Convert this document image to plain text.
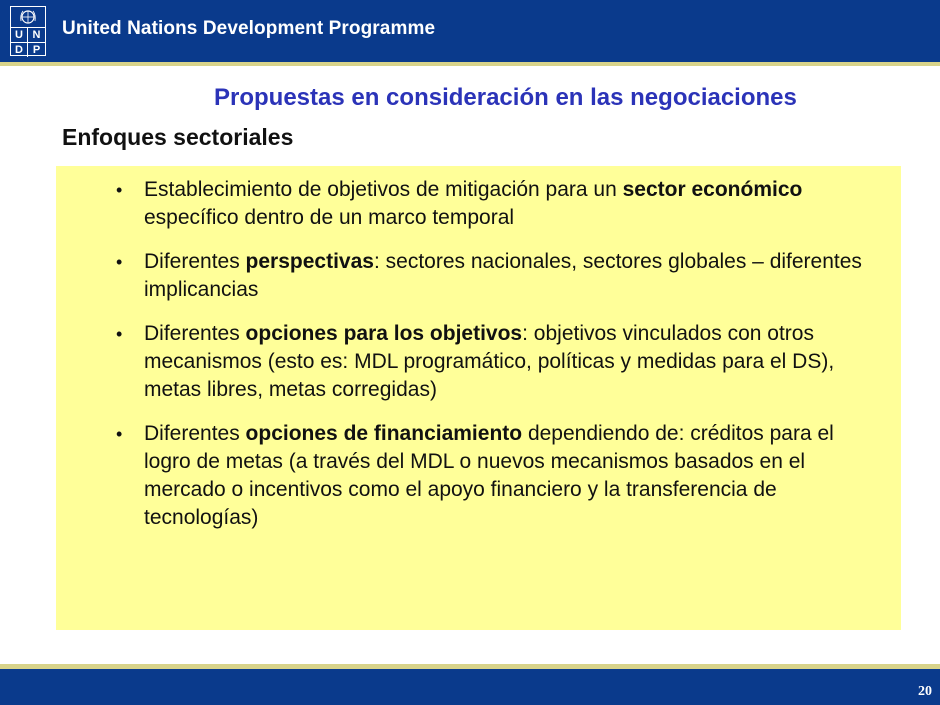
U N
D P
United Nations Development Programme
Propuestas en consideración en las negociaciones
Enfoques sectoriales
• Establecimiento de objetivos de mitigación para un sector económico específico dentro de un marco temporal
• Diferentes perspectivas: sectores nacionales, sectores globales – diferentes implicancias
• Diferentes opciones para los objetivos: objetivos vinculados con otros mecanismos (esto es: MDL programático, políticas y medidas para el DS), metas libres, metas corregidas)
• Diferentes opciones de financiamiento dependiendo de: créditos para el logro de metas (a través del MDL o nuevos mecanismos basados en el mercado o incentivos como el apoyo financiero y la transferencia de tecnologías)
20
